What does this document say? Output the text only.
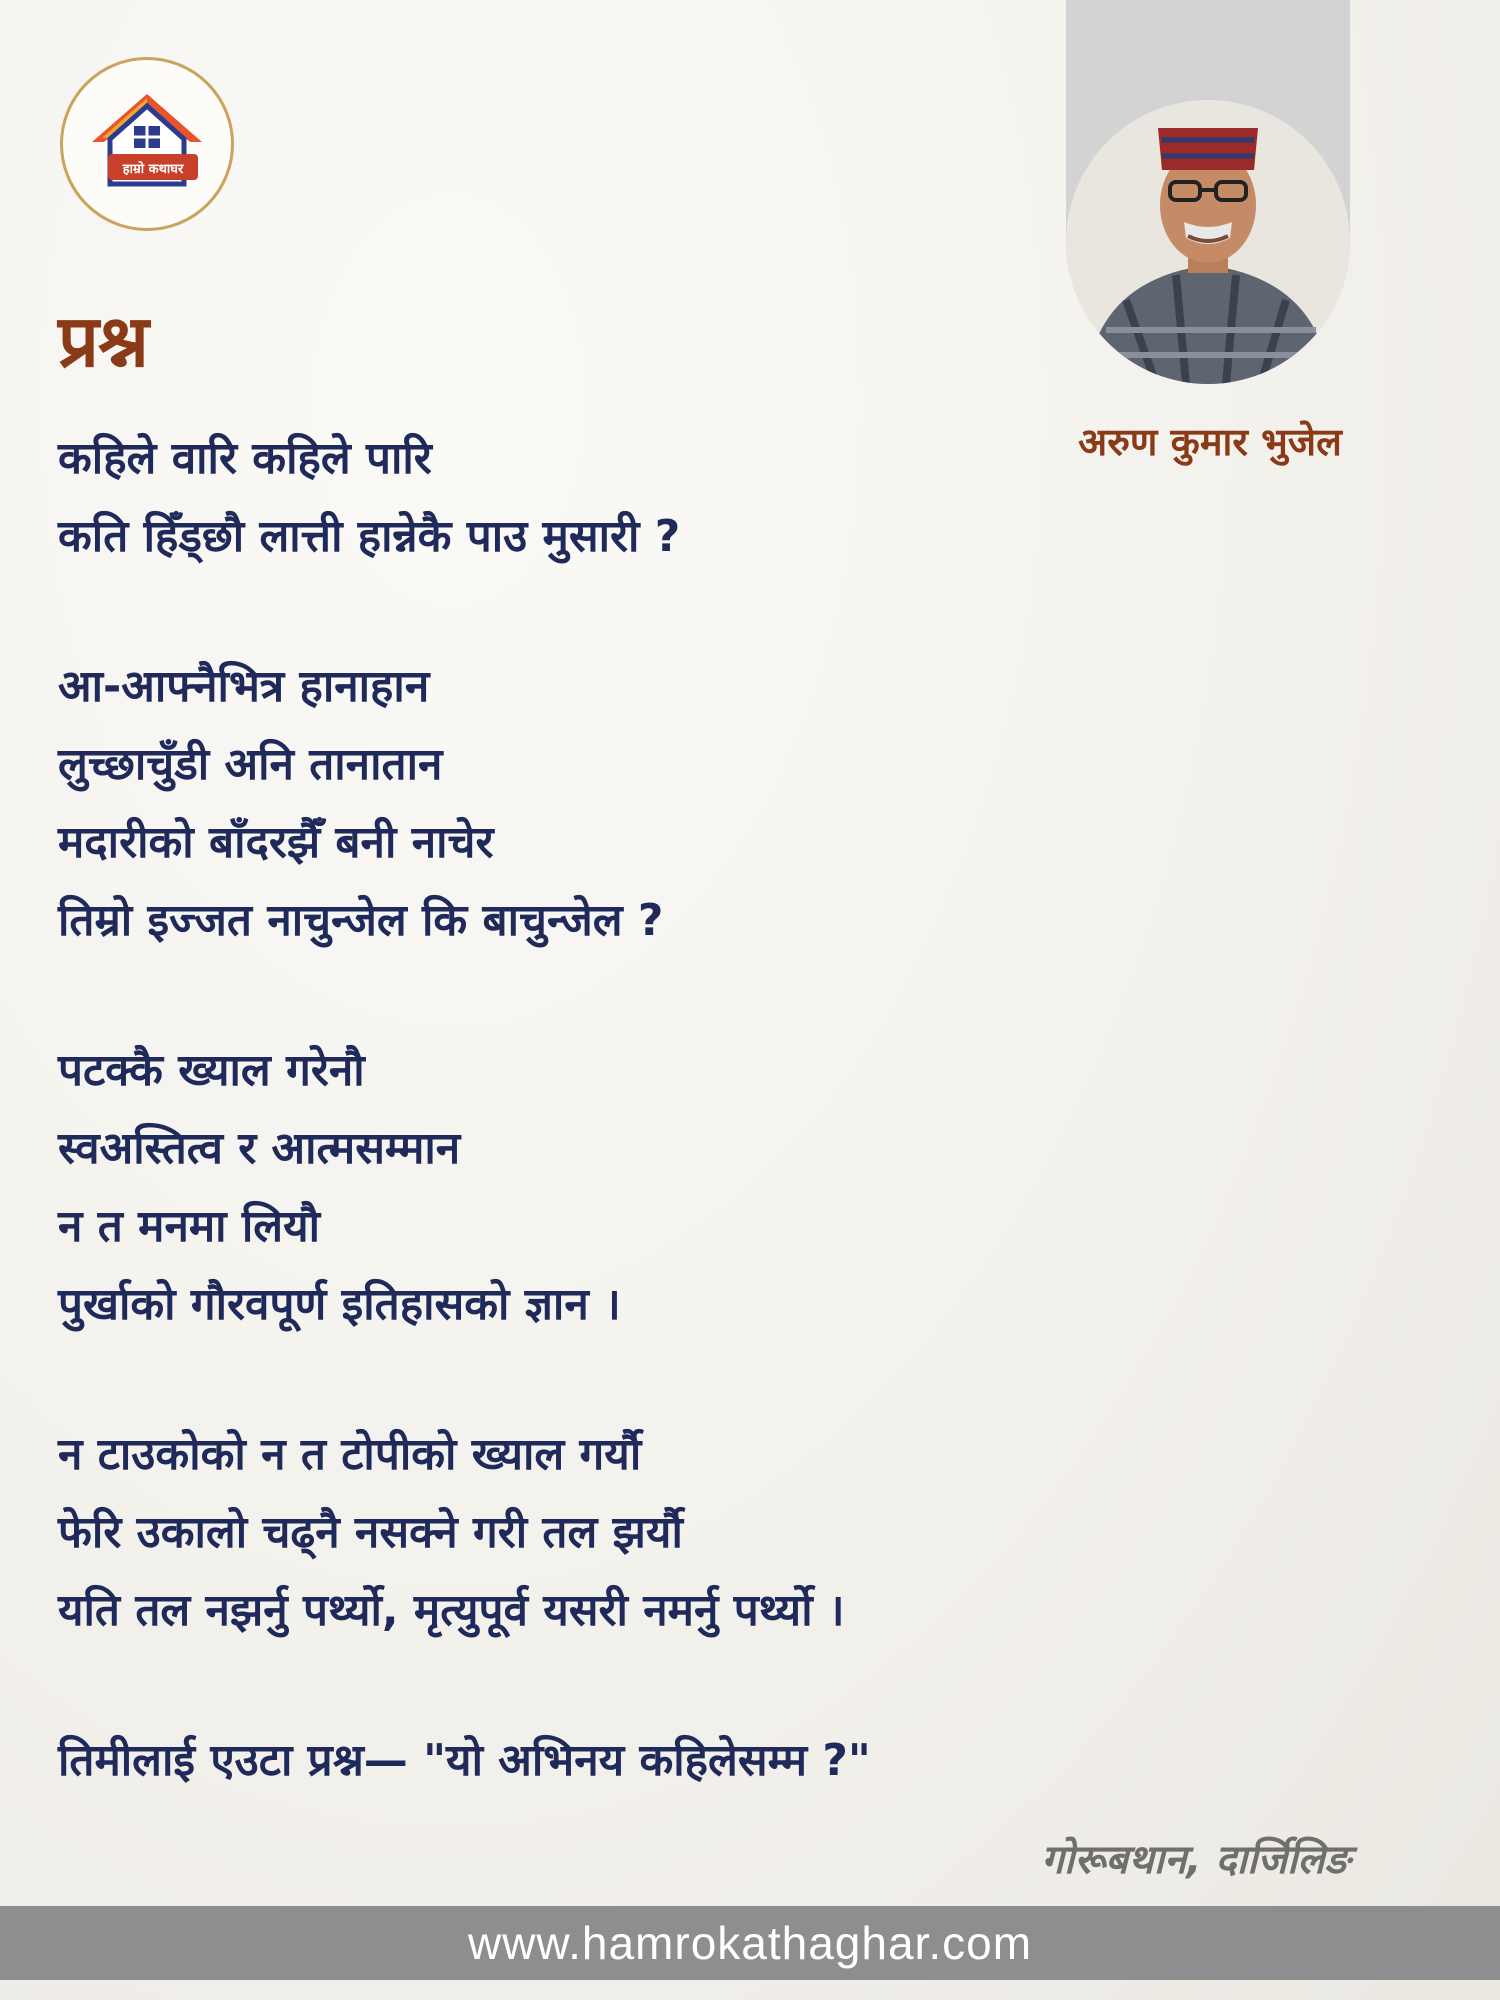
हाम्रो कथाघर
प्रश्न
अरुण कुमार भुजेल
कहिले वारि कहिले पारि
कति हिँड्छौ लात्ती हान्नेकै पाउ मुसारी ?
आ-आफ्नैभित्र हानाहान
लुच्छाचुँडी अनि तानातान
मदारीको बाँदरझैँ बनी नाचेर
तिम्रो इज्जत नाचुन्जेल कि बाचुन्जेल ?
पटक्कै ख्याल गरेनौ
स्वअस्तित्व र आत्मसम्मान
न त मनमा लियौ
पुर्खाको गौरवपूर्ण इतिहासको ज्ञान ।
न टाउकोको न त टोपीको ख्याल गर्यौ
फेरि उकालो चढ्नै नसक्ने गरी तल झर्यौ
यति तल नझर्नु पर्थ्यो, मृत्युपूर्व यसरी नमर्नु पर्थ्यो ।
तिमीलाई एउटा प्रश्न— "यो अभिनय कहिलेसम्म ?"
गोरूबथान, दार्जिलिङ
www.hamrokathaghar.com
